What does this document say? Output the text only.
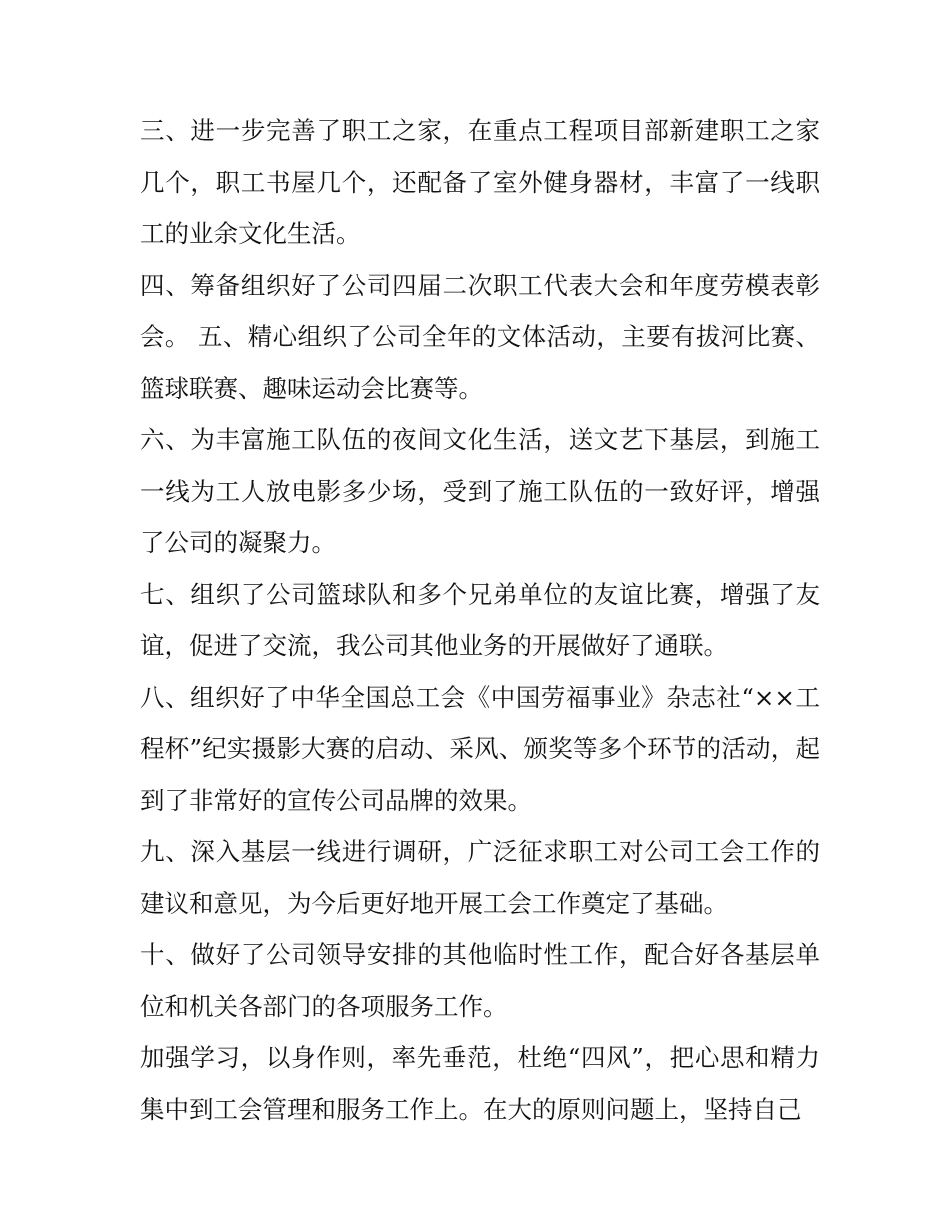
三、进一步完善了职工之家，在重点工程项目部新建职工之家几个，职工书屋几个，还配备了室外健身器材，丰富了一线职工的业余文化生活。

四、筹备组织好了公司四届二次职工代表大会和年度劳模表彰会。 五、精心组织了公司全年的文体活动，主要有拔河比赛、篮球联赛、趣味运动会比赛等。

六、为丰富施工队伍的夜间文化生活，送文艺下基层，到施工一线为工人放电影多少场，受到了施工队伍的一致好评，增强了公司的凝聚力。

七、组织了公司篮球队和多个兄弟单位的友谊比赛，增强了友谊，促进了交流，我公司其他业务的开展做好了通联。

八、组织好了中华全国总工会《中国劳福事业》杂志社“××工程杯”纪实摄影大赛的启动、采风、颁奖等多个环节的活动，起到了非常好的宣传公司品牌的效果。

九、深入基层一线进行调研，广泛征求职工对公司工会工作的建议和意见，为今后更好地开展工会工作奠定了基础。

十、做好了公司领导安排的其他临时性工作，配合好各基层单位和机关各部门的各项服务工作。

加强学习，以身作则，率先垂范，杜绝“四风”，把心思和精力集中到工会管理和服务工作上。在大的原则问题上，坚持自己
